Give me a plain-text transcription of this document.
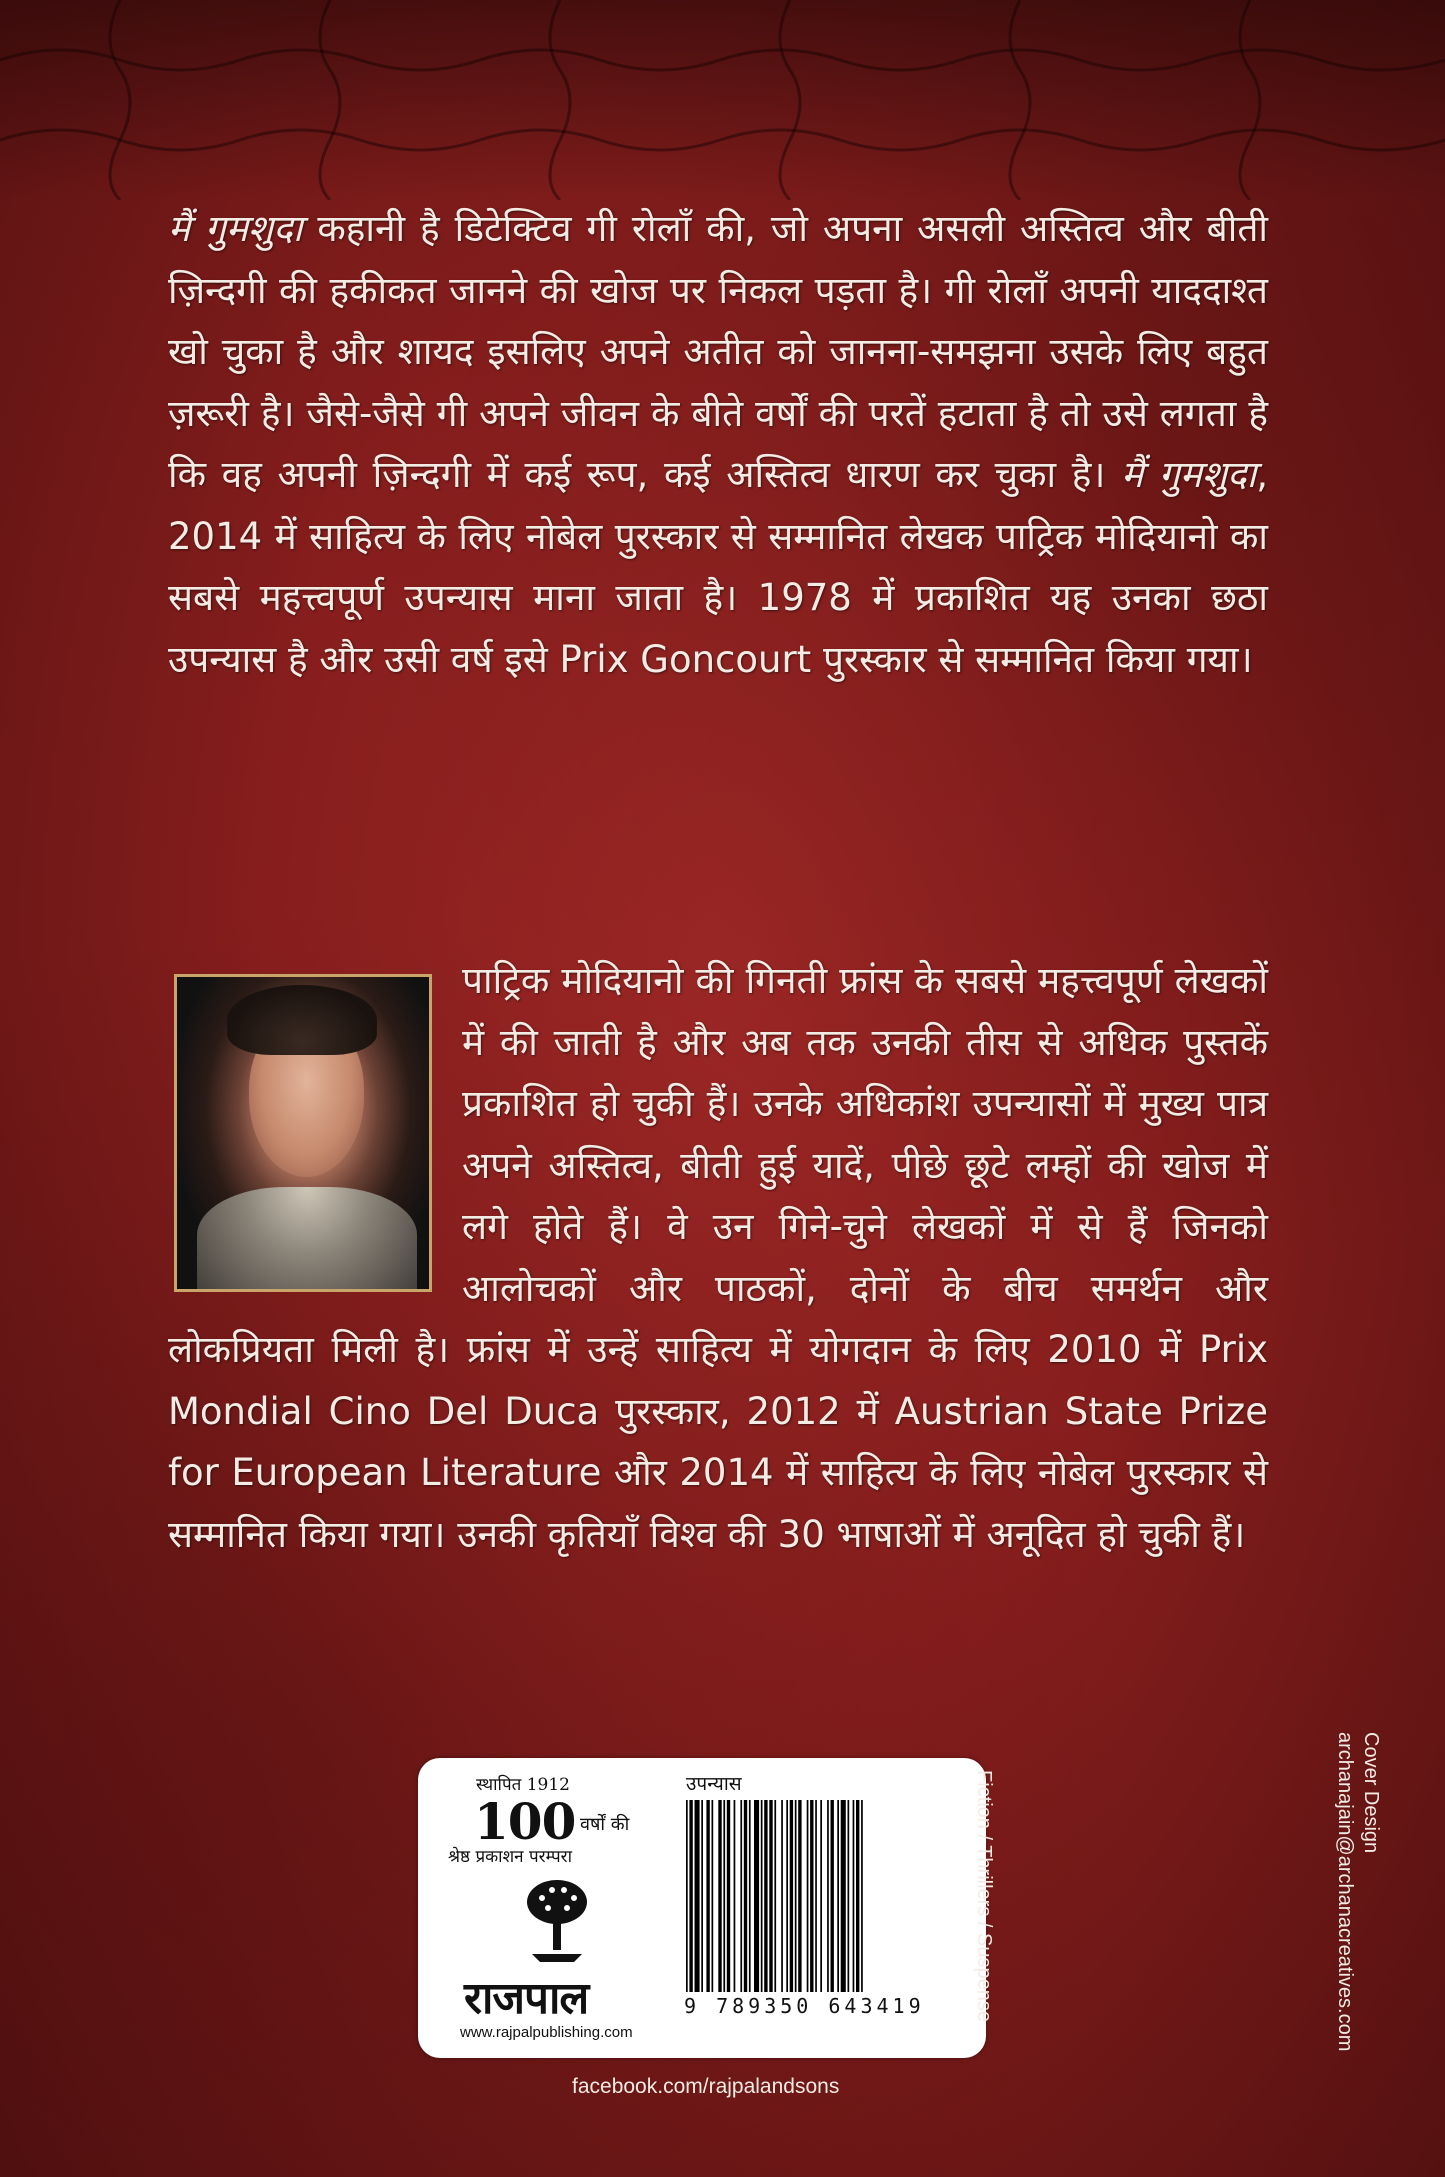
मैं गुमशुदा कहानी है डिटेक्टिव गी रोलाँ की, जो अपना असली अस्तित्व और बीती ज़िन्दगी की हकीकत जानने की खोज पर निकल पड़ता है। गी रोलाँ अपनी याददाश्त खो चुका है और शायद इसलिए अपने अतीत को जानना-समझना उसके लिए बहुत ज़रूरी है। जैसे-जैसे गी अपने जीवन के बीते वर्षों की परतें हटाता है तो उसे लगता है कि वह अपनी ज़िन्दगी में कई रूप, कई अस्तित्व धारण कर चुका है। मैं गुमशुदा, 2014 में साहित्य के लिए नोबेल पुरस्कार से सम्मानित लेखक पाट्रिक मोदियानो का सबसे महत्त्वपूर्ण उपन्यास माना जाता है। 1978 में प्रकाशित यह उनका छठा उपन्यास है और उसी वर्ष इसे Prix Goncourt पुरस्कार से सम्मानित किया गया।
पाट्रिक मोदियानो की गिनती फ्रांस के सबसे महत्त्वपूर्ण लेखकों में की जाती है और अब तक उनकी तीस से अधिक पुस्तकें प्रकाशित हो चुकी हैं। उनके अधिकांश उपन्यासों में मुख्य पात्र अपने अस्तित्व, बीती हुई यादें, पीछे छूटे लम्हों की खोज में लगे होते हैं। वे उन गिने-चुने लेखकों में से हैं जिनको आलोचकों और पाठकों, दोनों के बीच समर्थन और लोकप्रियता मिली है। फ्रांस में उन्हें साहित्य में योगदान के लिए 2010 में Prix Mondial Cino Del Duca पुरस्कार, 2012 में Austrian State Prize for European Literature और 2014 में साहित्य के लिए नोबेल पुरस्कार से सम्मानित किया गया। उनकी कृतियाँ विश्व की 30 भाषाओं में अनूदित हो चुकी हैं।
स्थापित 1912
100 वर्षों की
श्रेष्ठ प्रकाशन परम्परा
राजपाल
www.rajpalpublishing.com
उपन्यास
9 789350 643419	Fiction / Thrillers / Suspense	Cover Design
archanajain@archanacreatives.com
facebook.com/rajpalandsons
